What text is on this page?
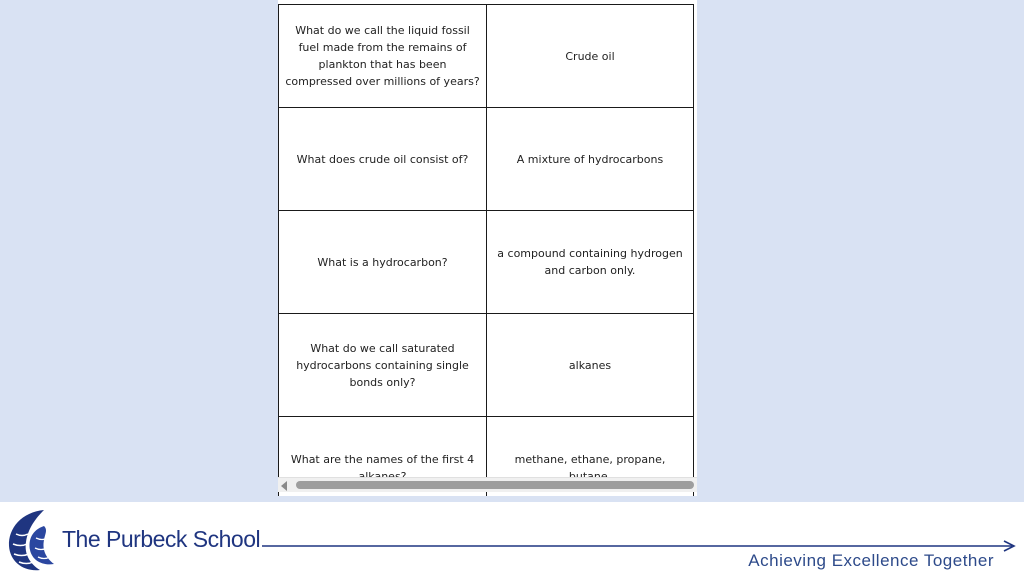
What do we call the liquid fossil fuel made from the remains of plankton that has been compressed over millions of years?	Crude oil
What does crude oil consist of?	A mixture of hydrocarbons
What is a hydrocarbon?	a compound containing hydrogen and carbon only.
What do we call saturated hydrocarbons containing single bonds only?	alkanes
What are the names of the first 4	methane, ethane, propane,
The Purbeck School
Achieving Excellence Together
